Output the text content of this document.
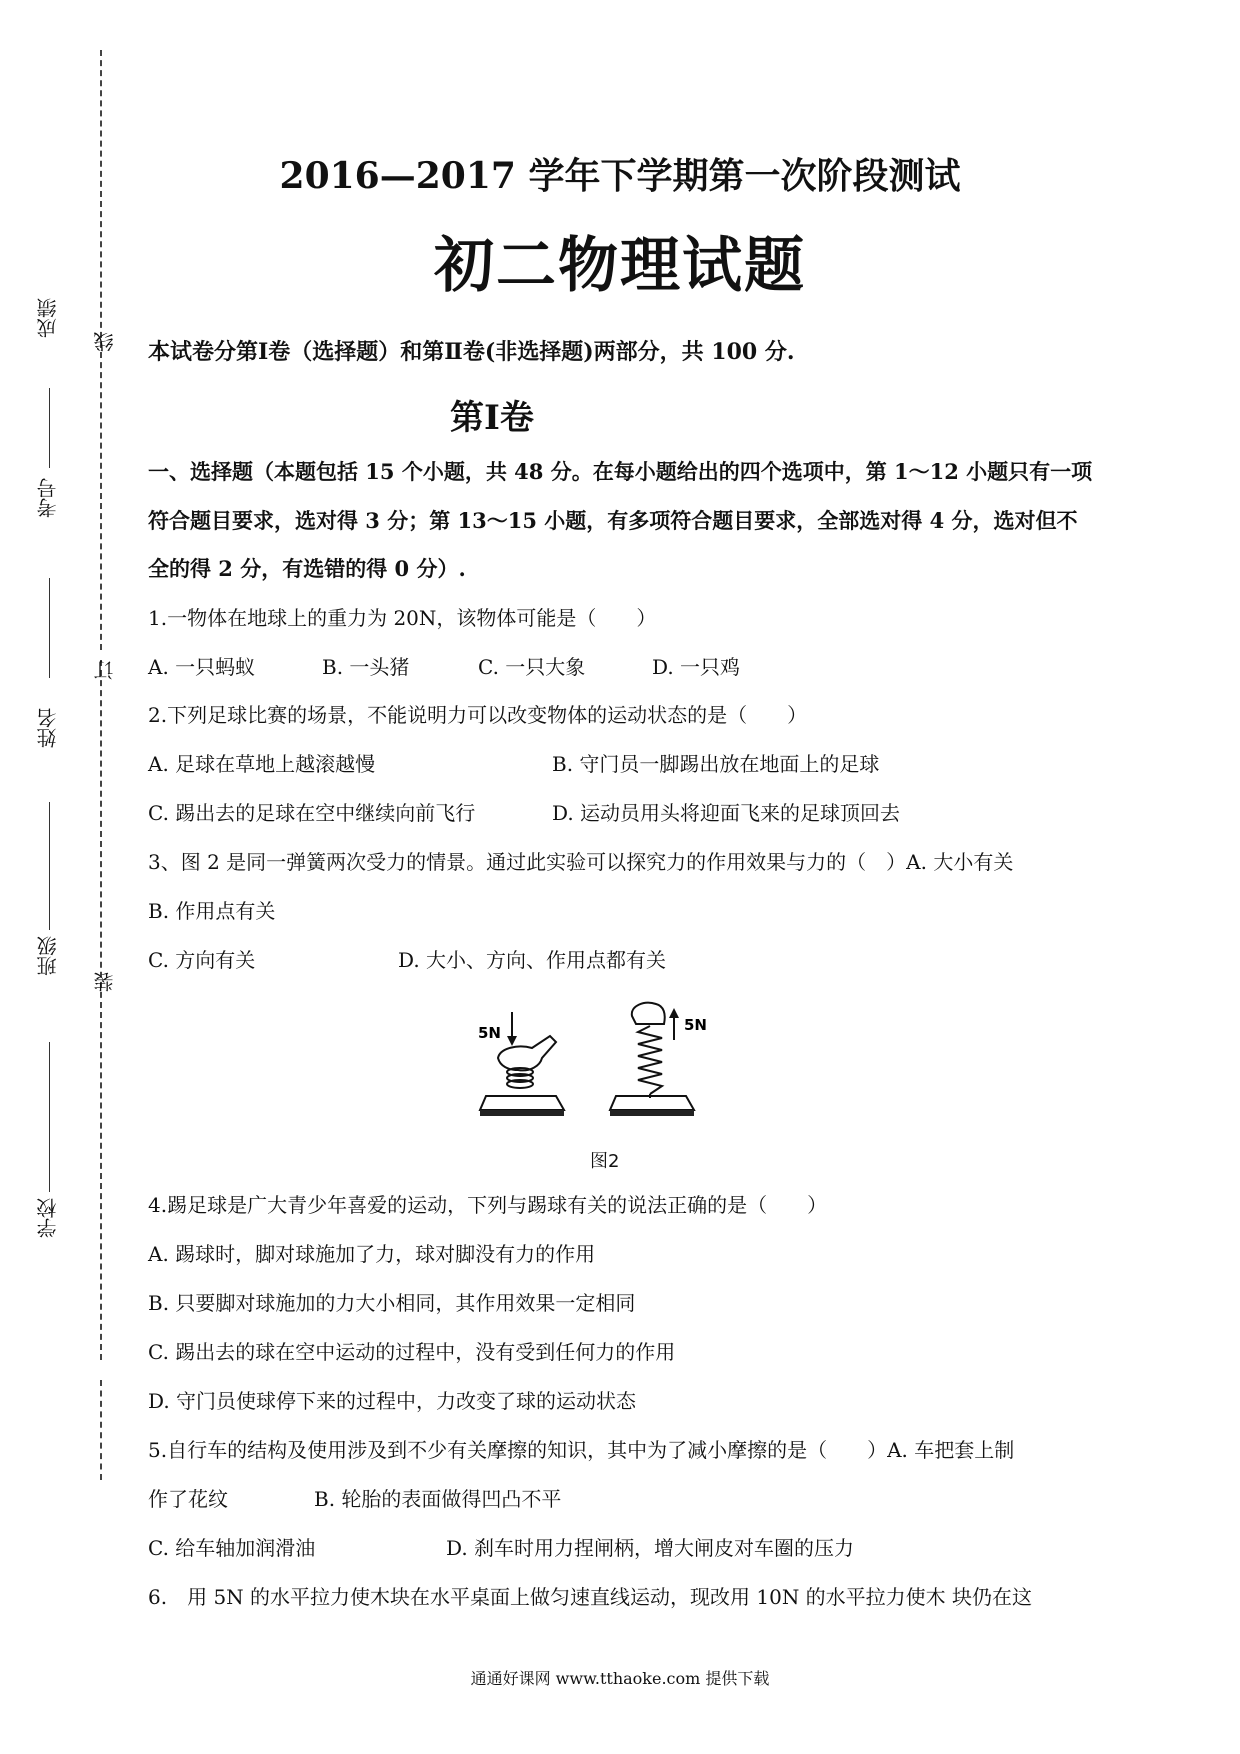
线
订
装
成绩
考号
姓名
班级
学校
2016—2017 学年下学期第一次阶段测试
初二物理试题
本试卷分第Ⅰ卷（选择题）和第Ⅱ卷(非选择题)两部分，共 100 分.
第Ⅰ卷
一、选择题（本题包括 15 个小题，共 48 分。在每小题给出的四个选项中，第 1～12 小题只有一项
符合题目要求，选对得 3 分；第 13～15 小题，有多项符合题目要求，全部选对得 4 分，选对但不
全的得 2 分，有选错的得 0 分）.
1.一物体在地球上的重力为 20N，该物体可能是（　　）
A. 一只蚂蚁	B. 一头猪	C. 一只大象	D. 一只鸡
2.下列足球比赛的场景，不能说明力可以改变物体的运动状态的是（　　）
A. 足球在草地上越滚越慢	B. 守门员一脚踢出放在地面上的足球
C. 踢出去的足球在空中继续向前飞行	D. 运动员用头将迎面飞来的足球顶回去
3、图 2 是同一弹簧两次受力的情景。通过此实验可以探究力的作用效果与力的（　）A. 大小有关
B. 作用点有关
C. 方向有关	D. 大小、方向、作用点都有关
5N	5N
图2
4.踢足球是广大青少年喜爱的运动，下列与踢球有关的说法正确的是（　　）
A. 踢球时，脚对球施加了力，球对脚没有力的作用
B. 只要脚对球施加的力大小相同，其作用效果一定相同
C. 踢出去的球在空中运动的过程中，没有受到任何力的作用
D. 守门员使球停下来的过程中，力改变了球的运动状态
5.自行车的结构及使用涉及到不少有关摩擦的知识，其中为了减小摩擦的是（　　）A. 车把套上制
作了花纹	B. 轮胎的表面做得凹凸不平
C. 给车轴加润滑油	D. 刹车时用力捏闸柄，增大闸皮对车圈的压力
6.　用 5N 的水平拉力使木块在水平桌面上做匀速直线运动，现改用 10N 的水平拉力使木 块仍在这
通通好课网 www.tthaoke.com 提供下载
